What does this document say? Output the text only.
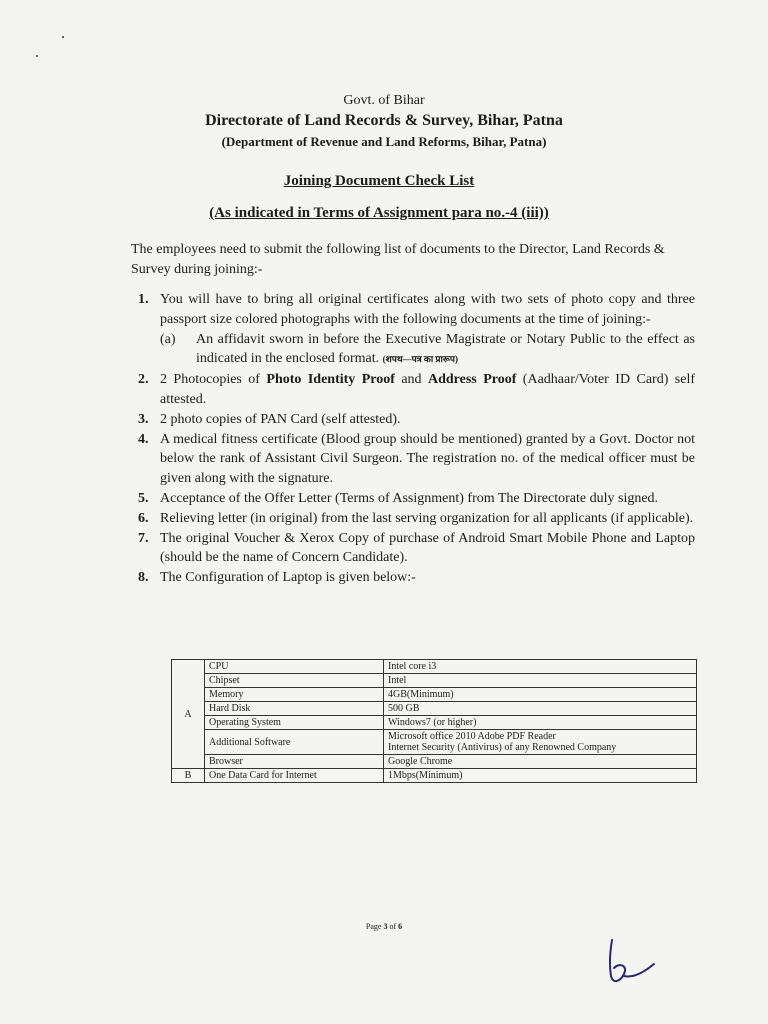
Govt. of Bihar
Directorate of Land Records & Survey, Bihar, Patna
(Department of Revenue and Land Reforms, Bihar, Patna)
Joining Document Check List
(As indicated in Terms of Assignment para no.-4 (iii))
The employees need to submit the following list of documents to the Director, Land Records & Survey during joining:-
1. You will have to bring all original certificates along with two sets of photo copy and three passport size colored photographs with the following documents at the time of joining:-
(a) An affidavit sworn in before the Executive Magistrate or Notary Public to the effect as indicated in the enclosed format. (शपथ—पत्र का प्रारूप)
2. 2 Photocopies of Photo Identity Proof and Address Proof (Aadhaar/Voter ID Card) self attested.
3. 2 photo copies of PAN Card (self attested).
4. A medical fitness certificate (Blood group should be mentioned) granted by a Govt. Doctor not below the rank of Assistant Civil Surgeon. The registration no. of the medical officer must be given along with the signature.
5. Acceptance of the Offer Letter (Terms of Assignment) from The Directorate duly signed.
6. Relieving letter (in original) from the last serving organization for all applicants (if applicable).
7. The original Voucher & Xerox Copy of purchase of Android Smart Mobile Phone and Laptop (should be the name of Concern Candidate).
8. The Configuration of Laptop is given below:-
A	CPU	Intel core i3
	Chipset	Intel
	Memory	4GB(Minimum)
	Hard Disk	500 GB
	Operating System	Windows7 (or higher)
	Additional Software	Microsoft office 2010 Adobe PDF Reader
Internet Security (Antivirus) of any Renowned Company

	Browser	Google Chrome
B	One Data Card for Internet	1Mbps(Minimum)
Page 3 of 6
